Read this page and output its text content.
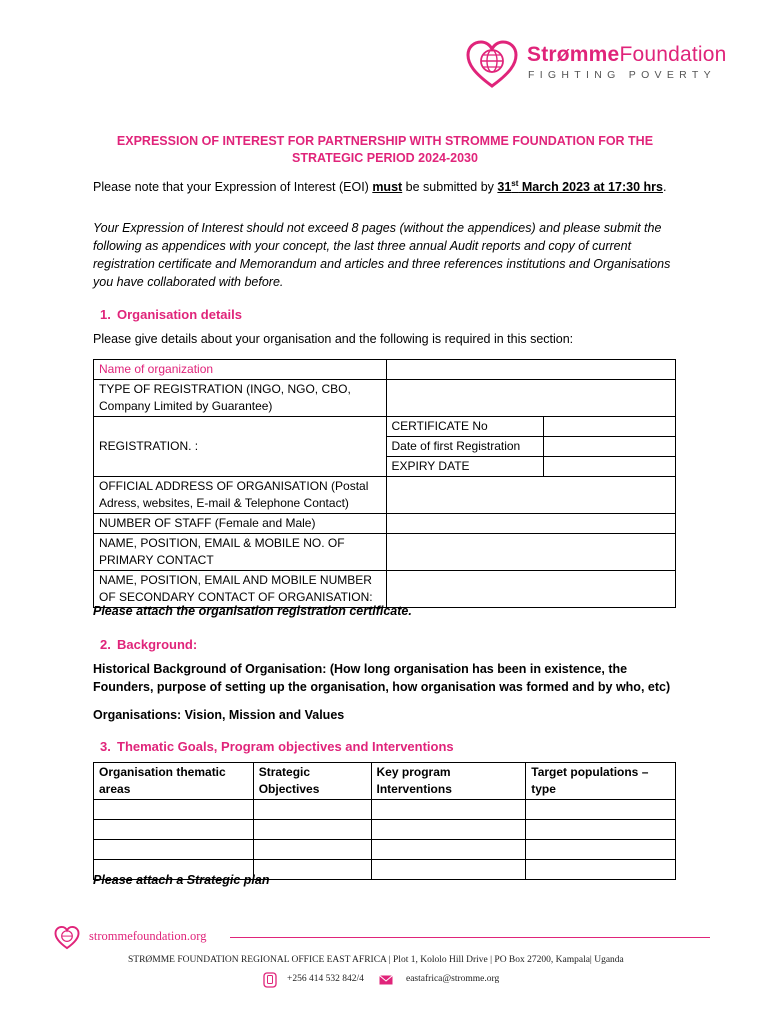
StrømmeFoundation
FIGHTING POVERTY
EXPRESSION OF INTEREST FOR PARTNERSHIP WITH STROMME FOUNDATION FOR THE STRATEGIC PERIOD 2024-2030
Please note that your Expression of Interest (EOI) must be submitted by 31st March 2023 at 17:30 hrs.
Your Expression of Interest should not exceed 8 pages (without the appendices) and please submit the following as appendices with your concept, the last three annual Audit reports and copy of current registration certificate and Memorandum and articles and three references institutions and Organisations you have collaborated with before.
1. Organisation details
Please give details about your organisation and the following is required in this section:
Name of organization		
TYPE OF REGISTRATION (INGO, NGO, CBO, Company Limited by Guarantee)		
REGISTRATION. :	CERTIFICATE No	
	Date of first Registration	
	EXPIRY DATE	
OFFICIAL ADDRESS OF ORGANISATION (Postal Adress, websites, E-mail & Telephone Contact)		
NUMBER OF STAFF (Female and Male)		
NAME, POSITION, EMAIL & MOBILE NO. OF PRIMARY CONTACT		
NAME, POSITION, EMAIL AND MOBILE NUMBER OF SECONDARY CONTACT OF ORGANISATION:		
Please attach the organisation registration certificate.
2. Background:
Historical Background of Organisation: (How long organisation has been in existence, the Founders, purpose of setting up the organisation, how organisation was formed and by who, etc)
Organisations: Vision, Mission and Values
3. Thematic Goals, Program objectives and Interventions
Organisation thematic areas	Strategic Objectives	Key program Interventions	Target populations – type

Please attach a Strategic plan
strommefoundation.org
STRØMME FOUNDATION REGIONAL OFFICE EAST AFRICA | Plot 1, Kololo Hill Drive | PO Box 27200, Kampala| Uganda
+256 414 532 842/4	eastafrica@stromme.org
